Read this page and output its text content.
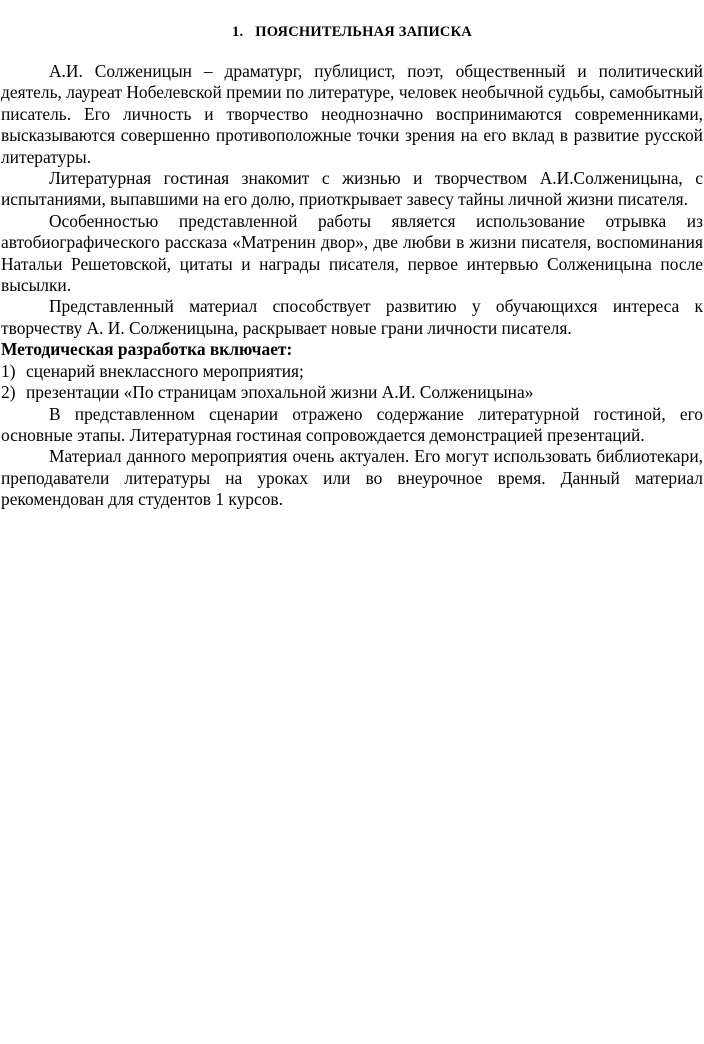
1. ПОЯСНИТЕЛЬНАЯ ЗАПИСКА

А.И. Солженицын – драматург, публицист, поэт, общественный и политический деятель, лауреат Нобелевской премии по литературе, человек необычной судьбы, самобытный писатель. Его личность и творчество неоднозначно воспринимаются современниками, высказываются совершенно противоположные точки зрения на его вклад в развитие русской литературы.

Литературная гостиная знакомит с жизнью и творчеством А.И.Солженицына, с испытаниями, выпавшими на его долю, приоткрывает завесу тайны личной жизни писателя.

Особенностью представленной работы является использование отрывка из автобиографического рассказа «Матренин двор», две любви в жизни писателя, воспоминания Натальи Решетовской, цитаты и награды писателя, первое интервью Солженицына после высылки.

Представленный материал способствует развитию у обучающихся интереса к творчеству А. И. Солженицына, раскрывает новые грани личности писателя.

Методическая разработка включает:

1) сценарий внеклассного мероприятия;

2) презентации «По страницам эпохальной жизни А.И. Солженицына»

В представленном сценарии отражено содержание литературной гостиной, его основные этапы. Литературная гостиная сопровождается демонстрацией презентаций.

Материал данного мероприятия очень актуален. Его могут использовать библиотекари, преподаватели литературы на уроках или во внеурочное время. Данный материал рекомендован для студентов 1 курсов.
